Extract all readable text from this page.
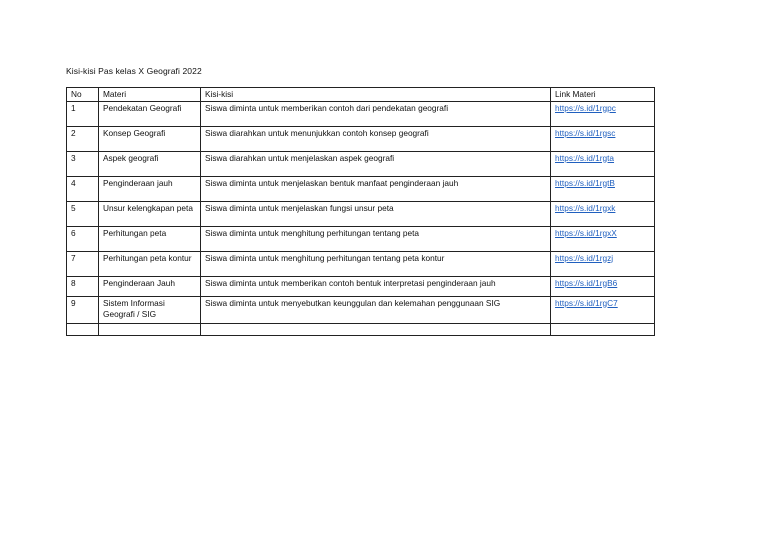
Kisi-kisi Pas kelas X Geografi 2022
No	Materi	Kisi-kisi	Link Materi
1	Pendekatan Geografi	Siswa diminta untuk memberikan contoh dari pendekatan geografi	https://s.id/1rgpc
2	Konsep Geografi	Siswa diarahkan untuk menunjukkan contoh konsep geografi	https://s.id/1rgsc
3	Aspek geografi	Siswa diarahkan untuk menjelaskan aspek geografi	https://s.id/1rgta
4	Penginderaan jauh	Siswa diminta untuk menjelaskan bentuk manfaat penginderaan jauh	https://s.id/1rgtB
5	Unsur kelengkapan peta	Siswa diminta untuk menjelaskan fungsi unsur peta	https://s.id/1rgxk
6	Perhitungan peta	Siswa diminta untuk menghitung perhitungan tentang peta	https://s.id/1rgxX
7	Perhitungan peta kontur	Siswa diminta untuk menghitung perhitungan tentang peta kontur	https://s.id/1rgzj
8	Penginderaan Jauh	Siswa diminta untuk memberikan contoh bentuk interpretasi penginderaan jauh	https://s.id/1rgB6
9	Sistem Informasi Geografi / SIG	Siswa diminta untuk menyebutkan keunggulan dan kelemahan penggunaan SIG	https://s.id/1rgC7
